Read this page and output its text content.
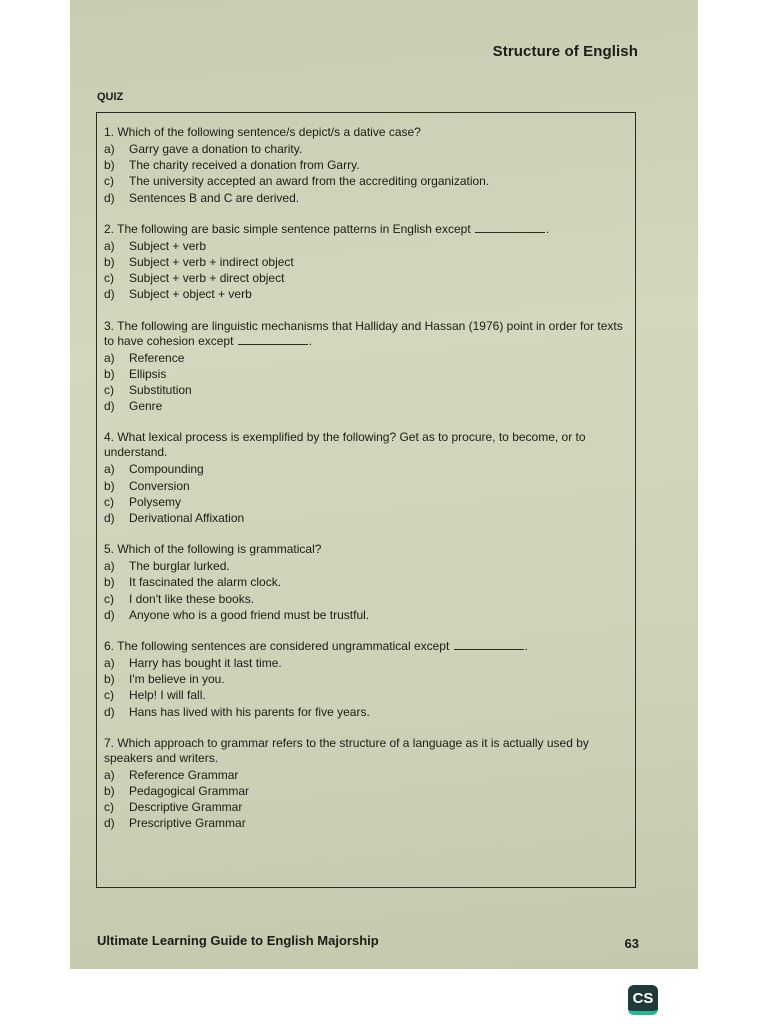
Structure of English
QUIZ
1. Which of the following sentence/s depict/s a dative case?
a)	Garry gave a donation to charity.
b)	The charity received a donation from Garry.
c)	The university accepted an award from the accrediting organization.
d)	Sentences B and C are derived.
2. The following are basic simple sentence patterns in English except	.
a)	Subject + verb
b)	Subject + verb + indirect object
c)	Subject + verb + direct object
d)	Subject + object + verb
3. The following are linguistic mechanisms that Halliday and Hassan (1976) point in order for texts to have cohesion except	.
a)	Reference
b)	Ellipsis
c)	Substitution
d)	Genre
4. What lexical process is exemplified by the following? Get as to procure, to become, or to understand.
a)	Compounding
b)	Conversion
c)	Polysemy
d)	Derivational Affixation
5. Which of the following is grammatical?
a)	The burglar lurked.
b)	It fascinated the alarm clock.
c)	I don't like these books.
d)	Anyone who is a good friend must be trustful.
6. The following sentences are considered ungrammatical except	.
a)	Harry has bought it last time.
b)	I'm believe in you.
c)	Help! I will fall.
d)	Hans has lived with his parents for five years.
7. Which approach to grammar refers to the structure of a language as it is actually used by speakers and writers.
a)	Reference Grammar
b)	Pedagogical Grammar
c)	Descriptive Grammar
d)	Prescriptive Grammar
Ultimate Learning Guide to English Majorship	63
CS
